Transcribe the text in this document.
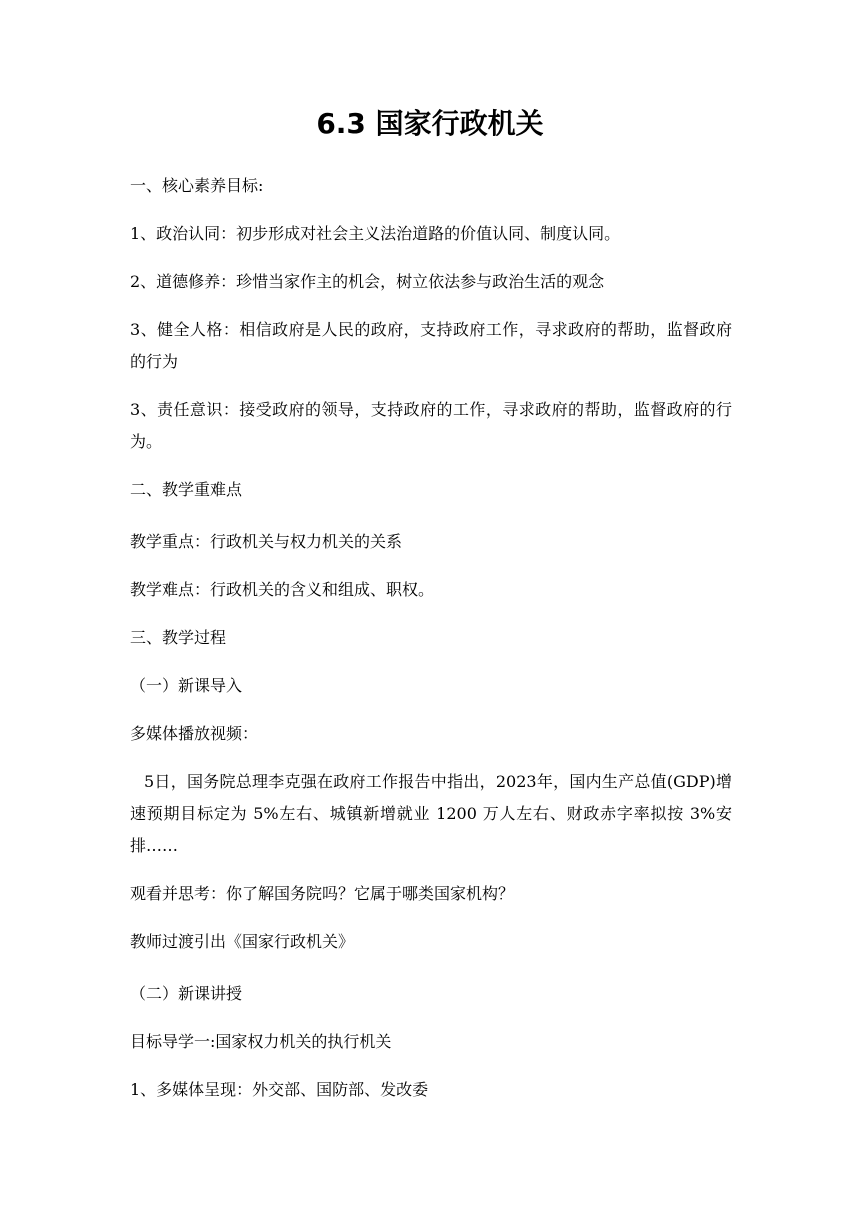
6.3 国家行政机关

一、核心素养目标:

1、政治认同：初步形成对社会主义法治道路的价值认同、制度认同。

2、道德修养：珍惜当家作主的机会，树立依法参与政治生活的观念

3、健全人格：相信政府是人民的政府，支持政府工作，寻求政府的帮助，监督政府的行为

3、责任意识：接受政府的领导，支持政府的工作，寻求政府的帮助，监督政府的行为。

二、教学重难点

教学重点：行政机关与权力机关的关系

教学难点：行政机关的含义和组成、职权。

三、教学过程

（一）新课导入

多媒体播放视频：

5日，国务院总理李克强在政府工作报告中指出，2023年，国内生产总值(GDP)增速预期目标定为 5%左右、城镇新增就业 1200 万人左右、财政赤字率拟按 3%安排……

观看并思考：你了解国务院吗？它属于哪类国家机构？

教师过渡引出《国家行政机关》

（二）新课讲授

目标导学一:国家权力机关的执行机关

1、多媒体呈现：外交部、国防部、发改委
